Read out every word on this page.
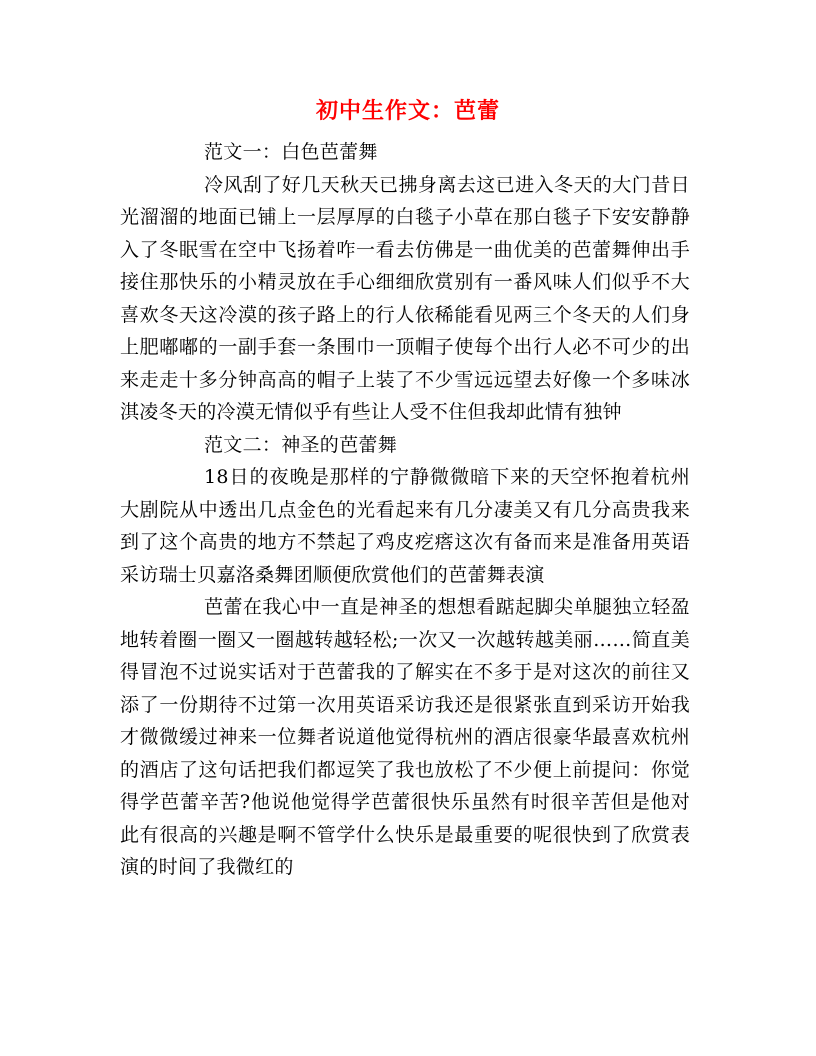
初中生作文：芭蕾

范文一：白色芭蕾舞

冷风刮了好几天秋天已拂身离去这已进入冬天的大门昔日光溜溜的地面已铺上一层厚厚的白毯子小草在那白毯子下安安静静入了冬眠雪在空中飞扬着咋一看去仿佛是一曲优美的芭蕾舞伸出手接住那快乐的小精灵放在手心细细欣赏别有一番风味人们似乎不大喜欢冬天这冷漠的孩子路上的行人依稀能看见两三个冬天的人们身上肥嘟嘟的一副手套一条围巾一顶帽子使每个出行人必不可少的出来走走十多分钟高高的帽子上装了不少雪远远望去好像一个多味冰淇凌冬天的冷漠无情似乎有些让人受不住但我却此情有独钟

范文二：神圣的芭蕾舞

18日的夜晚是那样的宁静微微暗下来的天空怀抱着杭州大剧院从中透出几点金色的光看起来有几分凄美又有几分高贵我来到了这个高贵的地方不禁起了鸡皮疙瘩这次有备而来是准备用英语采访瑞士贝嘉洛桑舞团顺便欣赏他们的芭蕾舞表演

芭蕾在我心中一直是神圣的想想看踮起脚尖单腿独立轻盈地转着圈一圈又一圈越转越轻松;一次又一次越转越美丽……简直美得冒泡不过说实话对于芭蕾我的了解实在不多于是对这次的前往又添了一份期待不过第一次用英语采访我还是很紧张直到采访开始我才微微缓过神来一位舞者说道他觉得杭州的酒店很豪华最喜欢杭州的酒店了这句话把我们都逗笑了我也放松了不少便上前提问：你觉得学芭蕾辛苦?他说他觉得学芭蕾很快乐虽然有时很辛苦但是他对此有很高的兴趣是啊不管学什么快乐是最重要的呢很快到了欣赏表演的时间了我微红的
